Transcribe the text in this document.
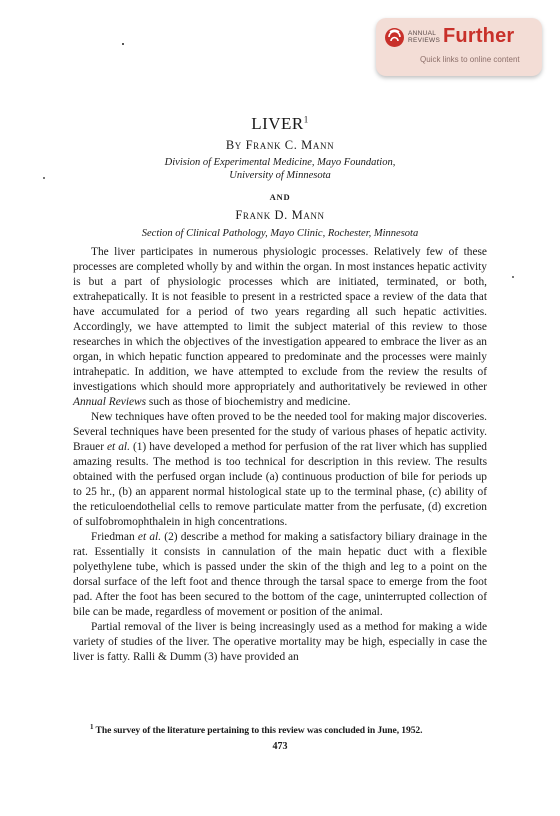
ANNUAL
REVIEWS Further
Quick links to online content
LIVER$^1$
By Frank C. Mann
Division of Experimental Medicine, Mayo Foundation,
University of Minnesota
AND
Frank D. Mann
Section of Clinical Pathology, Mayo Clinic, Rochester, Minnesota

The liver participates in numerous physiologic processes. Relatively few of these processes are completed wholly by and within the organ. In most instances hepatic activity is but a part of physiologic processes which are initiated, terminated, or both, extrahepatically. It is not feasible to present in a restricted space a review of the data that have accumulated for a period of two years regarding all such hepatic activities. Accordingly, we have attempted to limit the subject material of this review to those researches in which the objectives of the investigation appeared to embrace the liver as an organ, in which hepatic function appeared to predominate and the processes were mainly intrahepatic. In addition, we have attempted to exclude from the review the results of investigations which should more appropriately and authoritatively be reviewed in other Annual Reviews such as those of biochemistry and medicine.

New techniques have often proved to be the needed tool for making major discoveries. Several techniques have been presented for the study of various phases of hepatic activity. Brauer et al. (1) have developed a method for perfusion of the rat liver which has supplied amazing results. The method is too technical for description in this review. The results obtained with the perfused organ include (a) continuous production of bile for periods up to 25 hr., (b) an apparent normal histological state up to the terminal phase, (c) ability of the reticuloendothelial cells to remove particulate matter from the perfusate, (d) excretion of sulfobromophthalein in high concentrations.

Friedman et al. (2) describe a method for making a satisfactory biliary drainage in the rat. Essentially it consists in cannulation of the main hepatic duct with a flexible polyethylene tube, which is passed under the skin of the thigh and leg to a point on the dorsal surface of the left foot and thence through the tarsal space to emerge from the foot pad. After the foot has been secured to the bottom of the cage, uninterrupted collection of bile can be made, regardless of movement or position of the animal.

Partial removal of the liver is being increasingly used as a method for making a wide variety of studies of the liver. The operative mortality may be high, especially in case the liver is fatty. Ralli & Dumm (3) have provided an

$^1$ The survey of the literature pertaining to this review was concluded in June, 1952.
473
